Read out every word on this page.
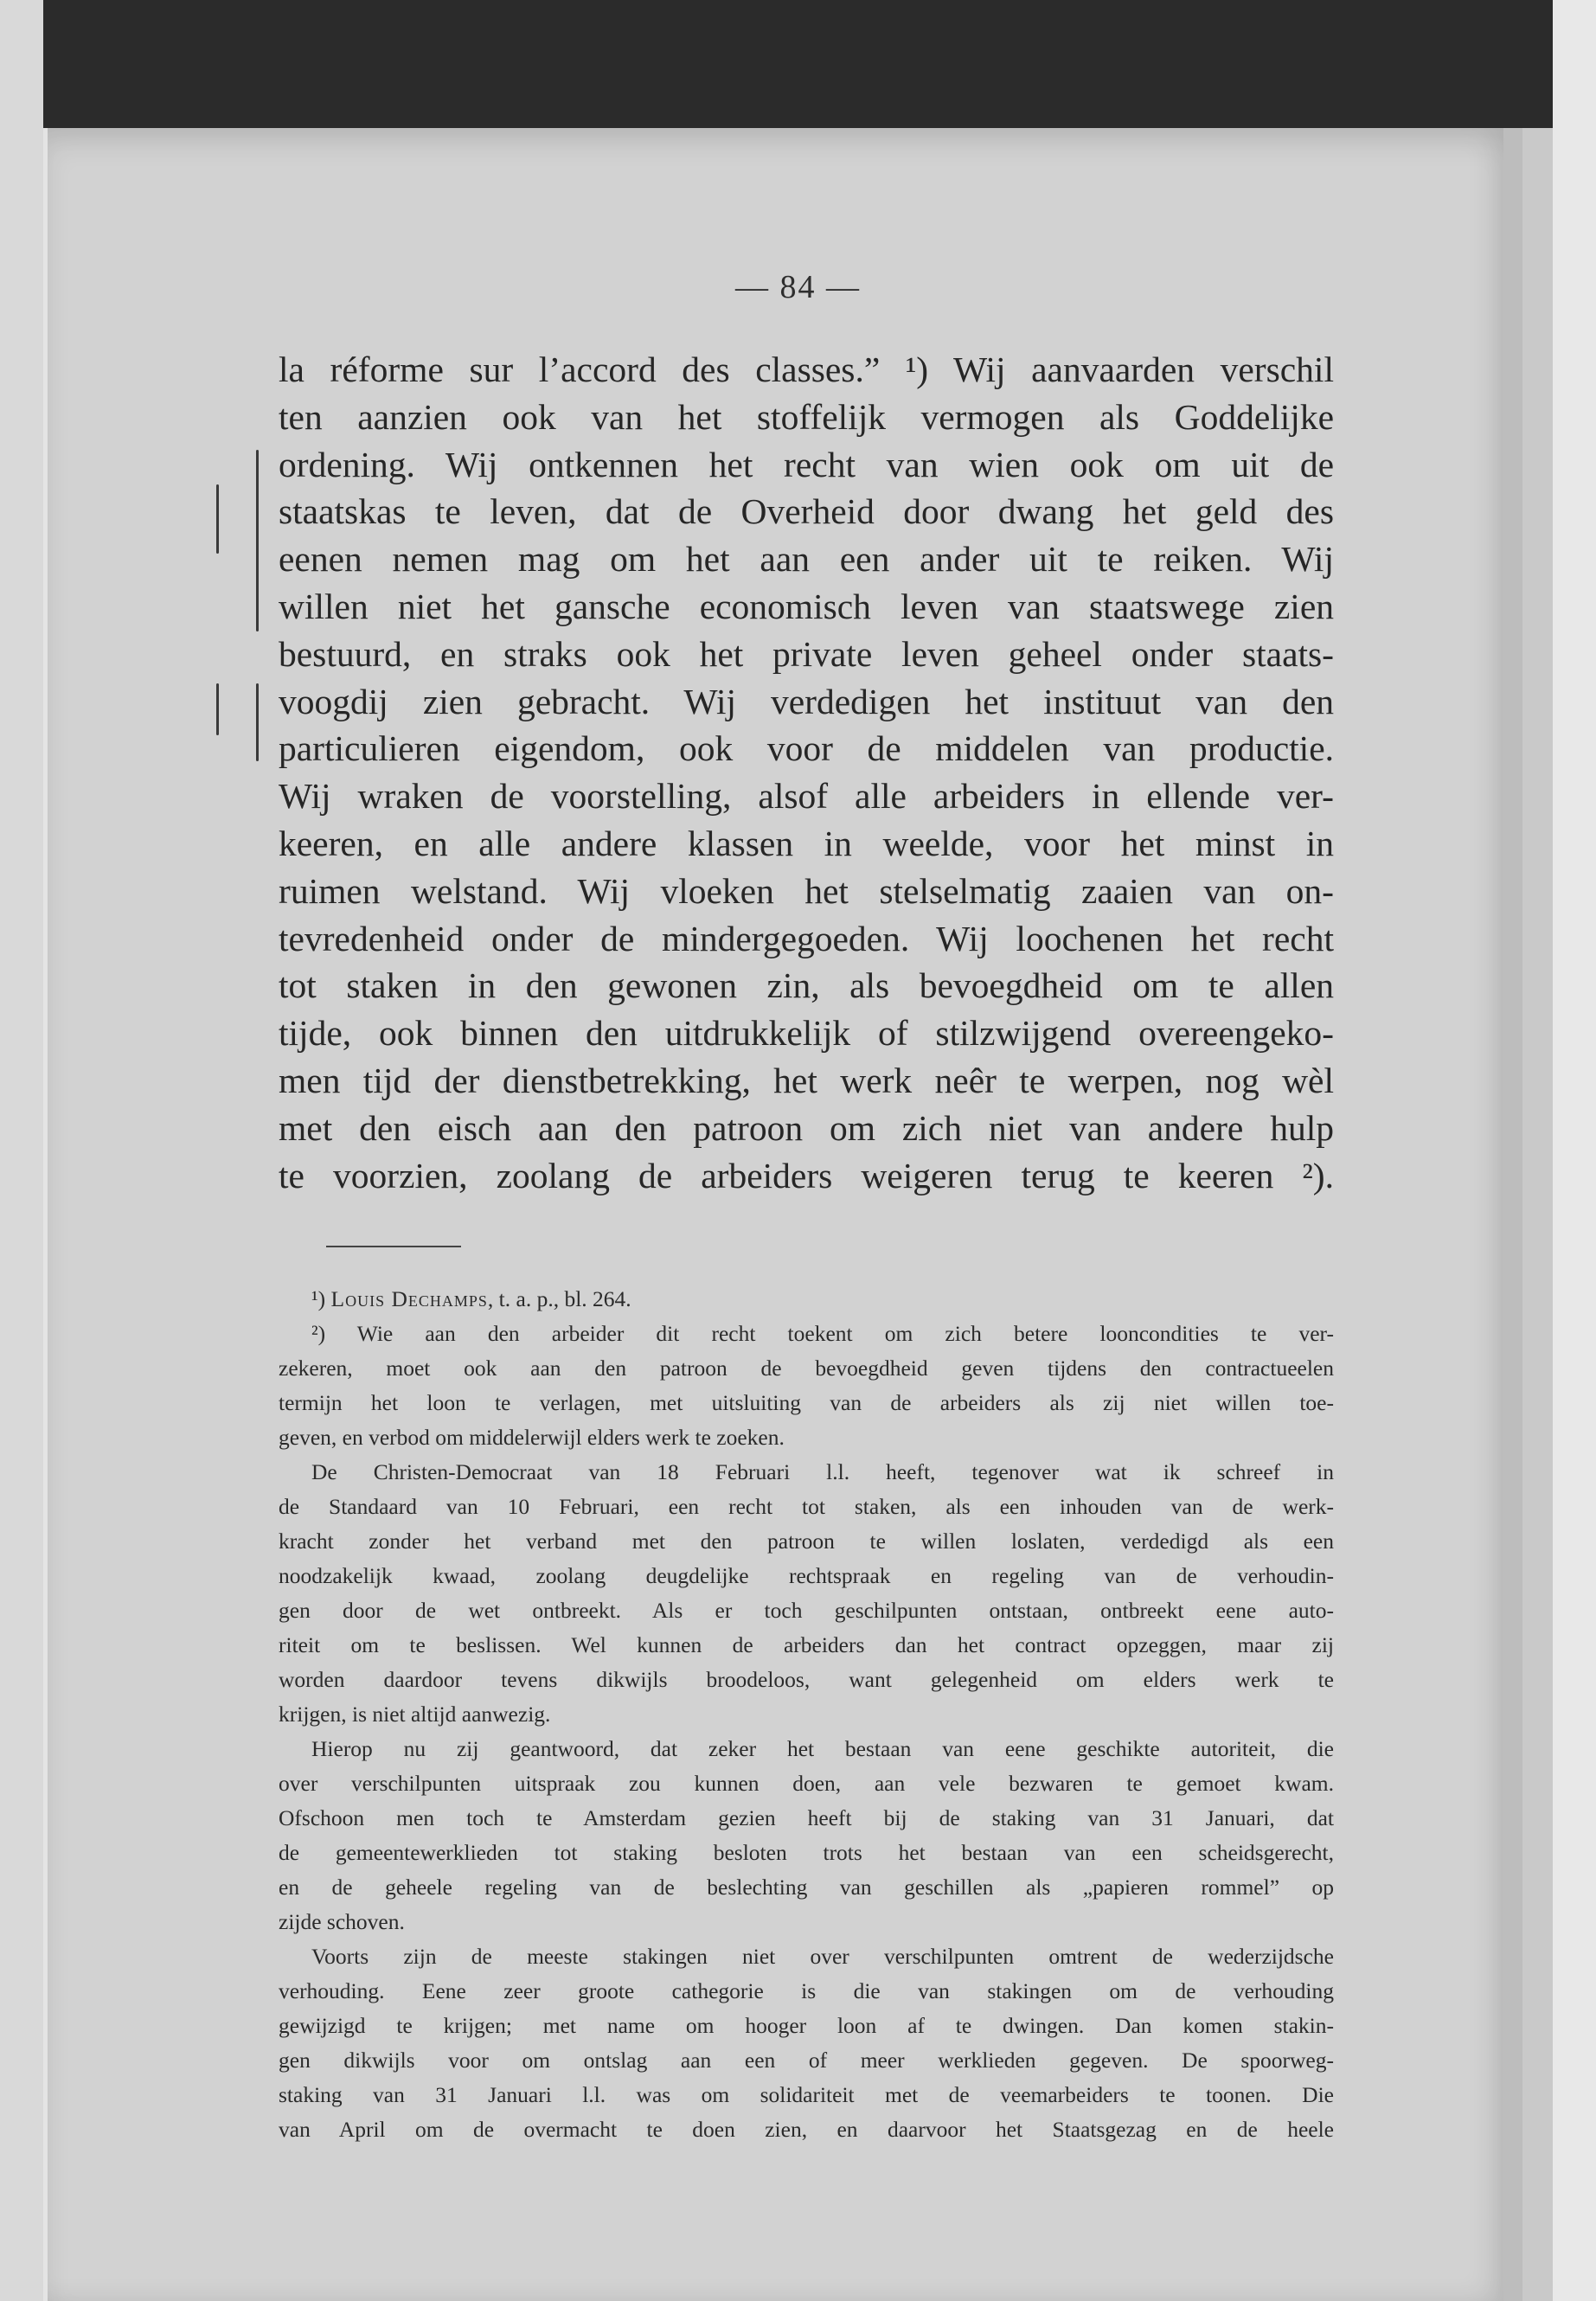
— 84 —
la réforme sur l’accord des classes.” ¹) Wij aanvaarden verschil
ten aanzien ook van het stoffelijk vermogen als Goddelijke
ordening. Wij ontkennen het recht van wien ook om uit de
staatskas te leven, dat de Overheid door dwang het geld des
eenen nemen mag om het aan een ander uit te reiken. Wij
willen niet het gansche economisch leven van staatswege zien
bestuurd, en straks ook het private leven geheel onder staats-
voogdij zien gebracht. Wij verdedigen het instituut van den
particulieren eigendom, ook voor de middelen van productie.
Wij wraken de voorstelling, alsof alle arbeiders in ellende ver-
keeren, en alle andere klassen in weelde, voor het minst in
ruimen welstand. Wij vloeken het stelselmatig zaaien van on-
tevredenheid onder de mindergegoeden. Wij loochenen het recht
tot staken in den gewonen zin, als bevoegdheid om te allen
tijde, ook binnen den uitdrukkelijk of stilzwijgend overeengeko-
men tijd der dienstbetrekking, het werk neêr te werpen, nog wèl
met den eisch aan den patroon om zich niet van andere hulp
te voorzien, zoolang de arbeiders weigeren terug te keeren ²).
¹) Louis Dechamps, t. a. p., bl. 264.
²) Wie aan den arbeider dit recht toekent om zich betere looncondities te ver-
zekeren, moet ook aan den patroon de bevoegdheid geven tijdens den contractueelen
termijn het loon te verlagen, met uitsluiting van de arbeiders als zij niet willen toe-
geven, en verbod om middelerwijl elders werk te zoeken.
De Christen-Democraat van 18 Februari l.l. heeft, tegenover wat ik schreef in
de Standaard van 10 Februari, een recht tot staken, als een inhouden van de werk-
kracht zonder het verband met den patroon te willen loslaten, verdedigd als een
noodzakelijk kwaad, zoolang deugdelijke rechtspraak en regeling van de verhoudin-
gen door de wet ontbreekt. Als er toch geschilpunten ontstaan, ontbreekt eene auto-
riteit om te beslissen. Wel kunnen de arbeiders dan het contract opzeggen, maar zij
worden daardoor tevens dikwijls broodeloos, want gelegenheid om elders werk te
krijgen, is niet altijd aanwezig.
Hierop nu zij geantwoord, dat zeker het bestaan van eene geschikte autoriteit, die
over verschilpunten uitspraak zou kunnen doen, aan vele bezwaren te gemoet kwam.
Ofschoon men toch te Amsterdam gezien heeft bij de staking van 31 Januari, dat
de gemeentewerklieden tot staking besloten trots het bestaan van een scheidsgerecht,
en de geheele regeling van de beslechting van geschillen als „papieren rommel” op
zijde schoven.
Voorts zijn de meeste stakingen niet over verschilpunten omtrent de wederzijdsche
verhouding. Eene zeer groote cathegorie is die van stakingen om de verhouding
gewijzigd te krijgen; met name om hooger loon af te dwingen. Dan komen stakin-
gen dikwijls voor om ontslag aan een of meer werklieden gegeven. De spoorweg-
staking van 31 Januari l.l. was om solidariteit met de veemarbeiders te toonen. Die
van April om de overmacht te doen zien, en daarvoor het Staatsgezag en de heele
